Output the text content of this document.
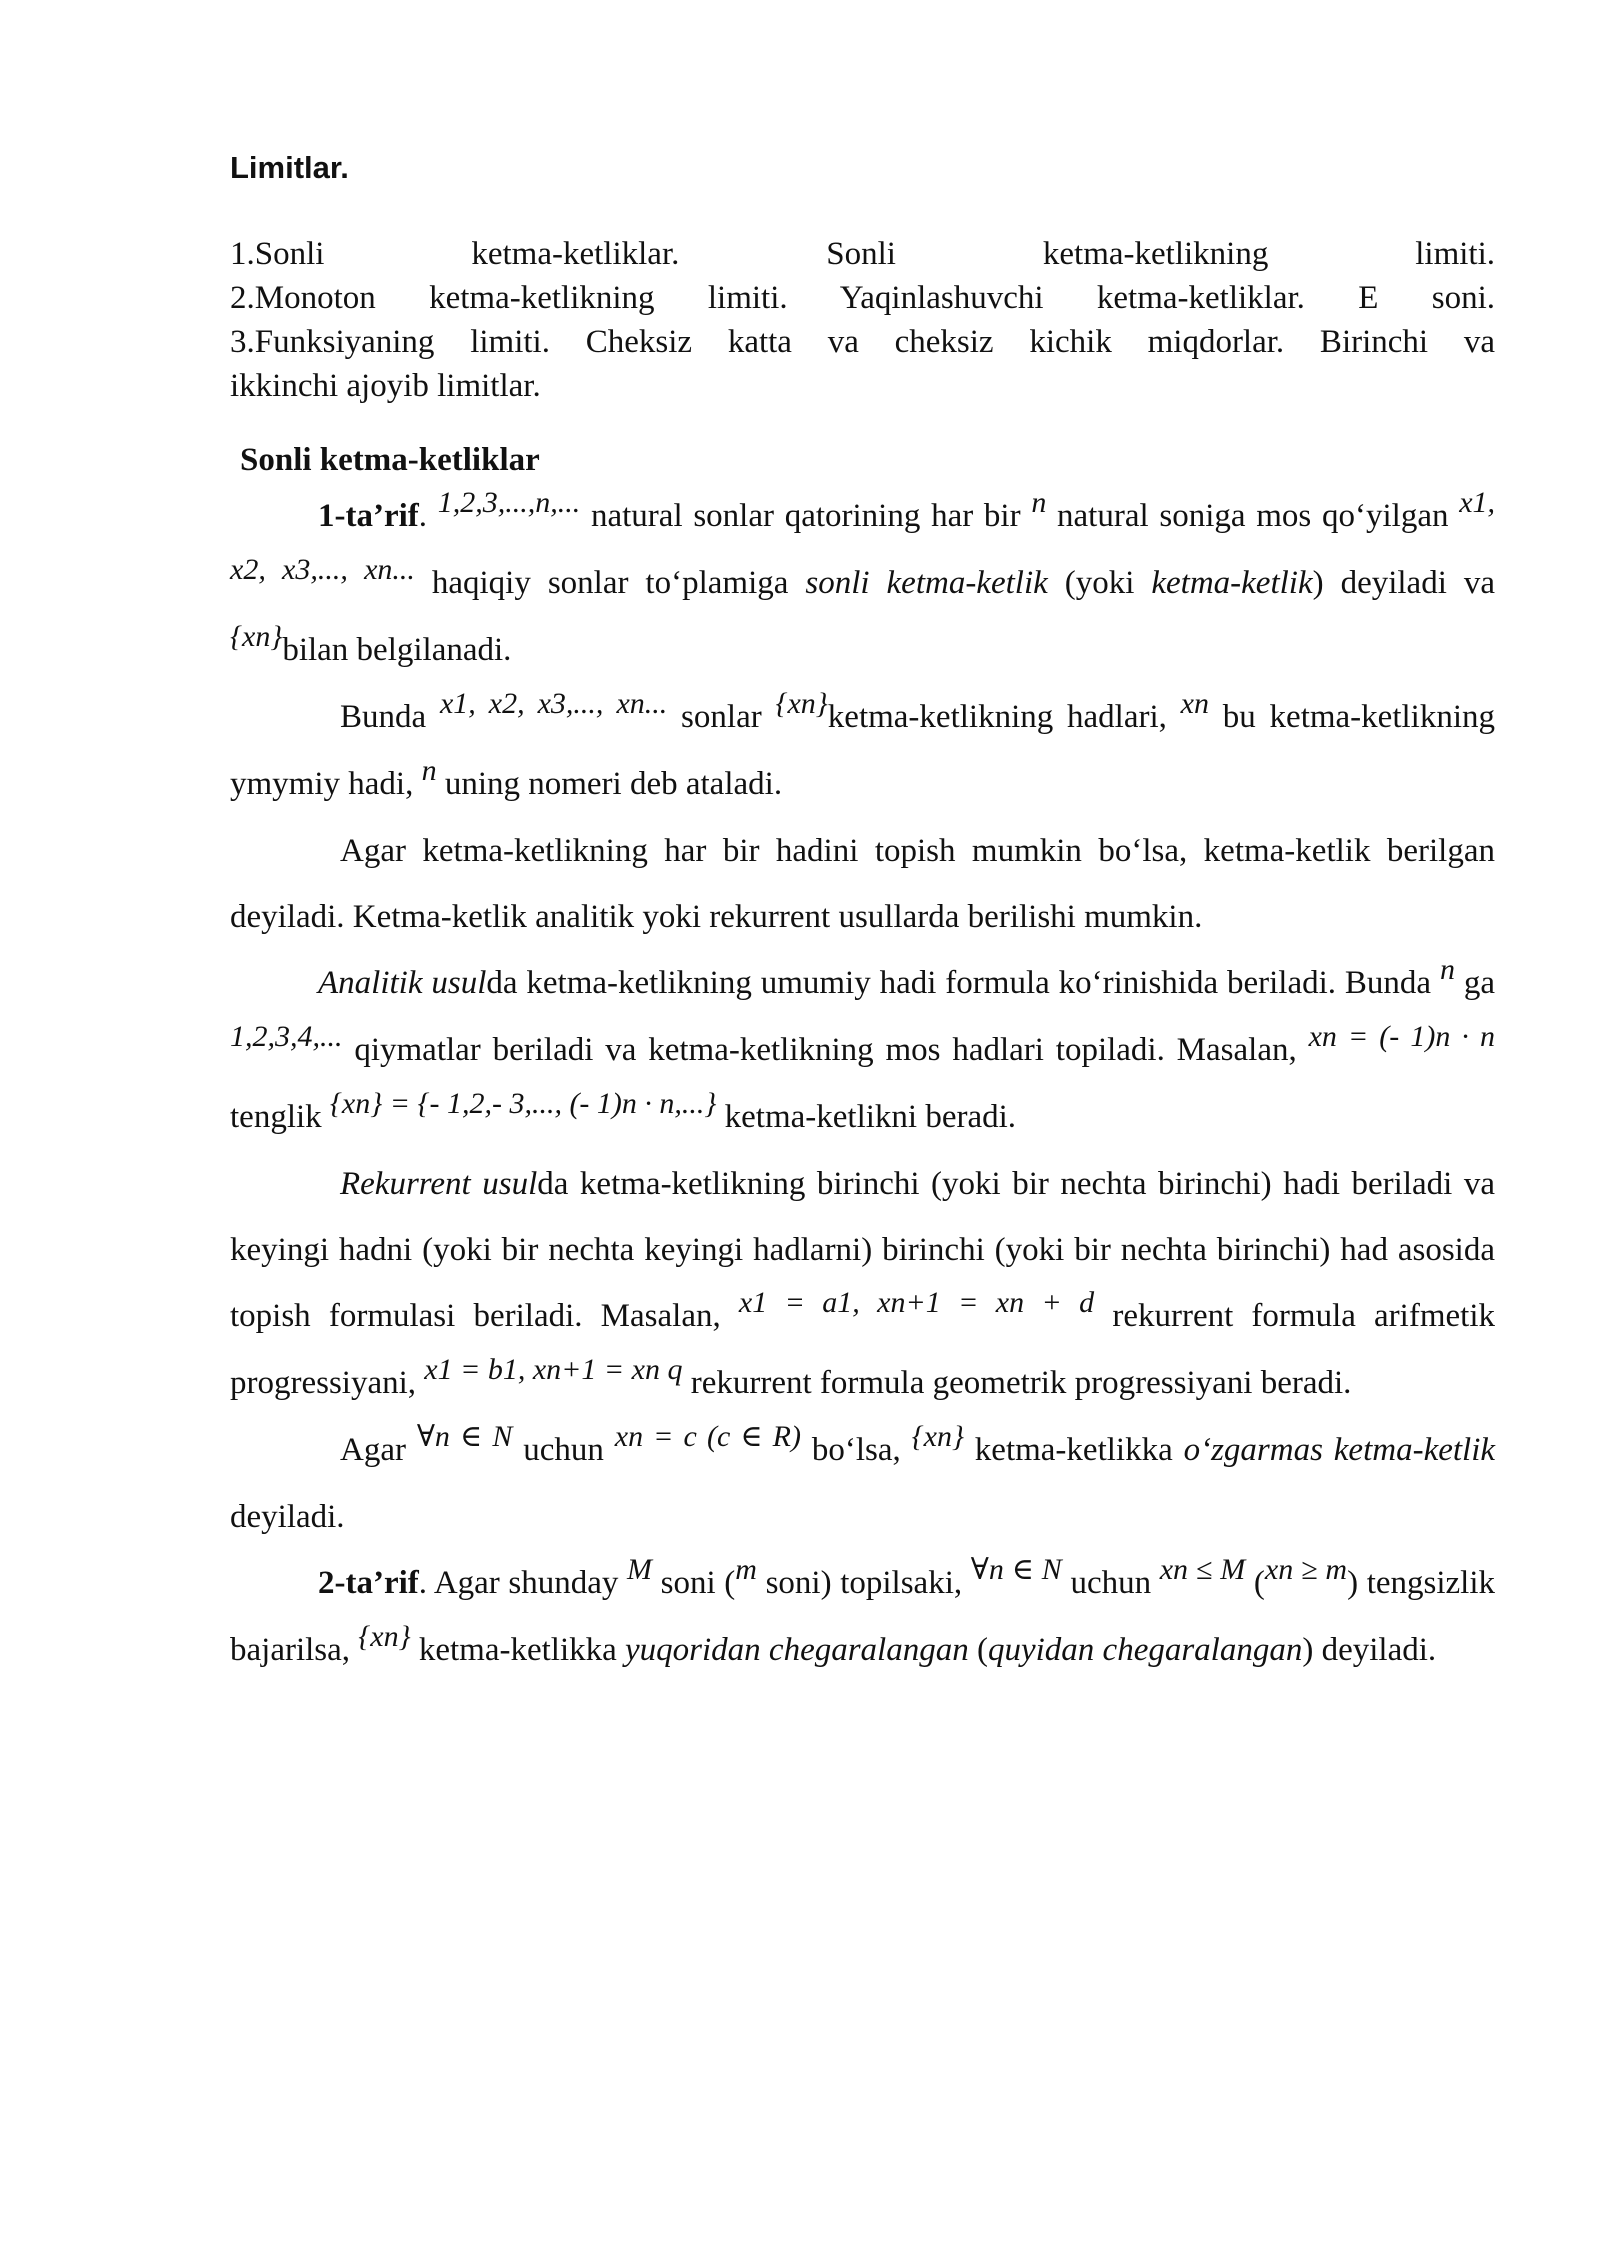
Limitlar.

1.Sonli ketma-ketliklar. Sonli ketma-ketlikning limiti.

2.Monoton ketma-ketlikning limiti. Yaqinlashuvchi ketma-ketliklar. E soni.

3.Funksiyaning limiti. Cheksiz katta va cheksiz kichik miqdorlar. Birinchi va

ikkinchi ajoyib limitlar.

Sonli ketma-ketliklar

1-ta’rif. 1,2,3,...,n,... natural sonlar qatorining har bir n natural soniga mos qo‘yilgan x1, x2, x3,..., xn... haqiqiy sonlar to‘plamiga sonli ketma-ketlik (yoki ketma-ketlik) deyiladi va {xn}bilan belgilanadi.

Bunda x1, x2, x3,..., xn... sonlar {xn}ketma-ketlikning hadlari, xn bu ketma-ketlikning ymymiy hadi, n uning nomeri deb ataladi.

Agar ketma-ketlikning har bir hadini topish mumkin bo‘lsa, ketma-ketlik berilgan deyiladi. Ketma-ketlik analitik yoki rekurrent usullarda berilishi mumkin.

Analitik usulda ketma-ketlikning umumiy hadi formula ko‘rinishida beriladi. Bunda n ga 1,2,3,4,... qiymatlar beriladi va ketma-ketlikning mos hadlari topiladi. Masalan, xn = (- 1)n · n tenglik {xn} = {- 1,2,- 3,..., (- 1)n · n,...} ketma-ketlikni beradi.

Rekurrent usulda ketma-ketlikning birinchi (yoki bir nechta birinchi) hadi beriladi va keyingi hadni (yoki bir nechta keyingi hadlarni) birinchi (yoki bir nechta birinchi) had asosida topish formulasi beriladi. Masalan, x1 = a1, xn+1 = xn + d rekurrent formula arifmetik progressiyani, x1 = b1, xn+1 = xn q rekurrent formula geometrik progressiyani beradi.

Agar ∀n ∈ N uchun xn = c (c ∈ R) bo‘lsa, {xn} ketma-ketlikka o‘zgarmas ketma-ketlik deyiladi.

2-ta’rif. Agar shunday M soni (m soni) topilsaki, ∀n ∈ N uchun xn ≤ M (xn ≥ m) tengsizlik bajarilsa, {xn} ketma-ketlikka yuqoridan chegaralangan (quyidan chegaralangan) deyiladi.
